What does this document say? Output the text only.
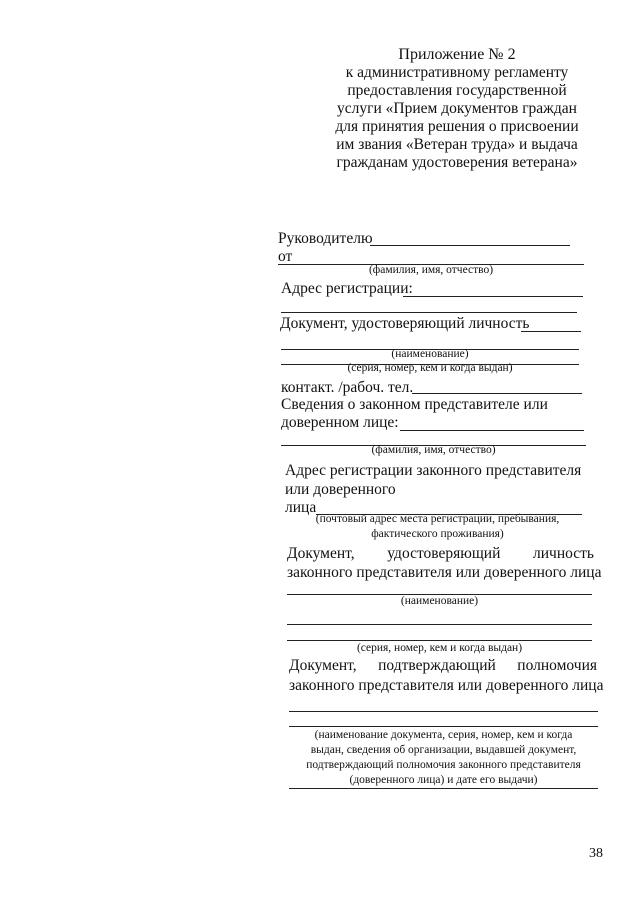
Приложение № 2
к административному регламенту
предоставления государственной
услуги «Прием документов граждан
для принятия решения о присвоении
им звания «Ветеран труда» и выдача
гражданам удостоверения ветерана»
Руководителю
от
(фамилия, имя, отчество)
Адрес регистрации:
Документ, удостоверяющий личность
(наименование)
(серия, номер, кем и когда выдан)
контакт. /рабоч. тел.
Сведения о законном представителе или
доверенном лице:
(фамилия, имя, отчество)
Адрес регистрации законного представителя
или доверенного
лица
(почтовый адрес места регистрации, пребывания,
фактического проживания)
Документ, удостоверяющий личность
законного представителя или доверенного лица
(наименование)
(серия, номер, кем и когда выдан)
Документ, подтверждающий полномочия
законного представителя или доверенного лица
(наименование документа, серия, номер, кем и когда
выдан, сведения об организации, выдавшей документ,
подтверждающий полномочия законного представителя
(доверенного лица) и дате его выдачи)
38
